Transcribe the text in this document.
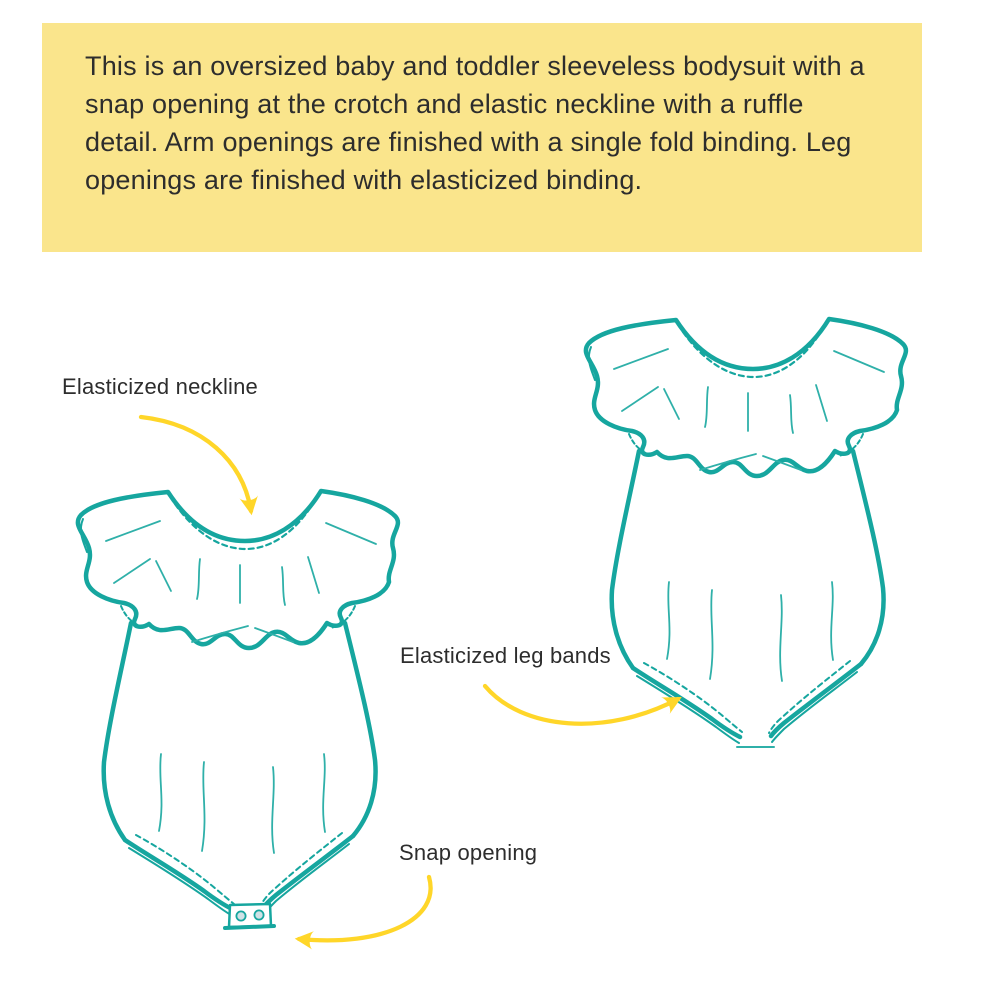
This is an oversized baby and toddler sleeveless bodysuit with a snap opening at the crotch and elastic neckline with a ruffle detail. Arm openings are finished with a single fold binding. Leg openings are finished with elasticized binding.

Elasticized neckline
Elasticized leg bands
Snap opening
